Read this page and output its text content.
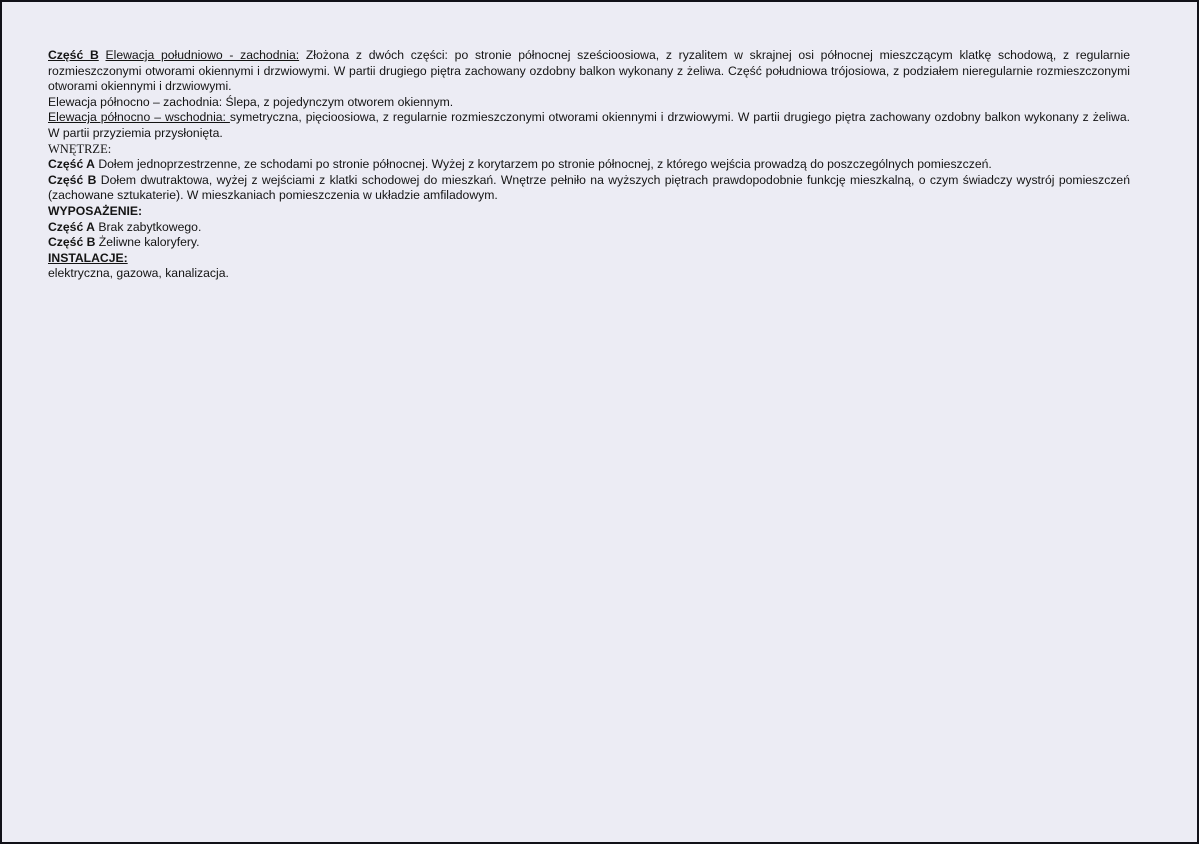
Część B Elewacja południowo - zachodnia: Złożona z dwóch części: po stronie północnej sześcioosiowa, z ryzalitem w skrajnej osi północnej mieszczącym klatkę schodową, z regularnie rozmieszczonymi otworami okiennymi i drzwiowymi. W partii drugiego piętra zachowany ozdobny balkon wykonany z żeliwa. Część południowa trójosiowa, z podziałem nieregularnie rozmieszczonymi otworami okiennymi i drzwiowymi.

Elewacja północno – zachodnia: Ślepa, z pojedynczym otworem okiennym.

Elewacja północno – wschodnia: symetryczna, pięcioosiowa, z regularnie rozmieszczonymi otworami okiennymi i drzwiowymi. W partii drugiego piętra zachowany ozdobny balkon wykonany z żeliwa. W partii przyziemia przysłonięta.

WNĘTRZE:

Część A Dołem jednoprzestrzenne, ze schodami po stronie północnej. Wyżej z korytarzem po stronie północnej, z którego wejścia prowadzą do poszczególnych pomieszczeń.

Część B Dołem dwutraktowa, wyżej z wejściami z klatki schodowej do mieszkań. Wnętrze pełniło na wyższych piętrach prawdopodobnie funkcję mieszkalną, o czym świadczy wystrój pomieszczeń (zachowane sztukaterie). W mieszkaniach pomieszczenia w układzie amfiladowym.

WYPOSAŻENIE:

Część A Brak zabytkowego.

Część B Żeliwne kaloryfery.

INSTALACJE:

elektryczna, gazowa, kanalizacja.
